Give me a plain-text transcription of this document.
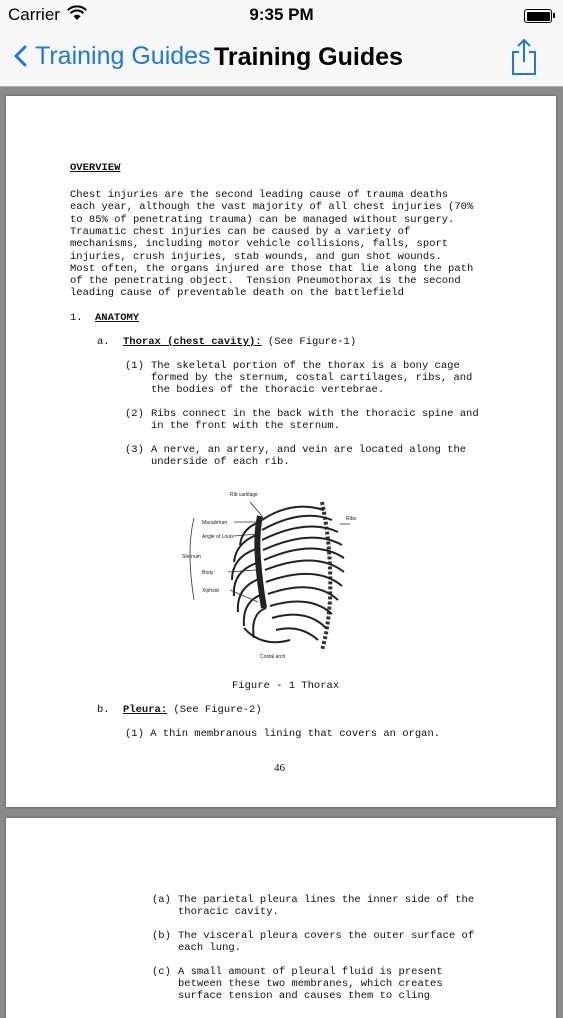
Carrier	9:35 PM
Training Guides Training Guides
OVERVIEW
Chest injuries are the second leading cause of trauma deaths
each year, although the vast majority of all chest injuries (70%
to 85% of penetrating trauma) can be managed without surgery.
Traumatic chest injuries can be caused by a variety of
mechanisms, including motor vehicle collisions, falls, sport
injuries, crush injuries, stab wounds, and gun shot wounds.
Most often, the organs injured are those that lie along the path
of the penetrating object.  Tension Pneumothorax is the second
leading cause of preventable death on the battlefield
1. ANATOMY
a. Thorax (chest cavity): (See Figure-1)
(1) The skeletal portion of the thorax is a bony cage
formed by the sternum, costal cartilages, ribs, and
the bodies of the thoracic vertebrae.
(2) Ribs connect in the back with the thoracic spine and
in the front with the sternum.
(3) A nerve, an artery, and vein are located along the
underside of each rib.
Rib cartilage
Manubrium
Angle of Louis
Sternum
Body
Xiphoid
Ribs
Costal arch
Figure - 1 Thorax
b. Pleura: (See Figure-2)
(1) A thin membranous lining that covers an organ.
46
(a) The parietal pleura lines the inner side of the
thoracic cavity.
(b) The visceral pleura covers the outer surface of
each lung.
(c) A small amount of pleural fluid is present
between these two membranes, which creates
surface tension and causes them to cling
